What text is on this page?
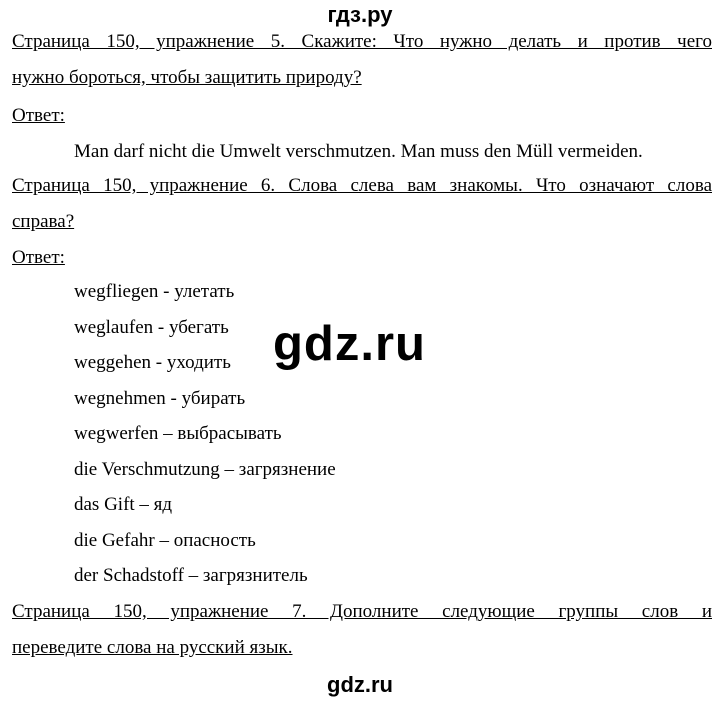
гдз.ру
Страница 150, упражнение 5. Скажите: Что нужно делать и против чего
нужно бороться, чтобы защитить природу?
Ответ:
Man darf nicht die Umwelt verschmutzen. Man muss den Müll vermeiden.
Страница 150, упражнение 6. Слова слева вам знакомы. Что означают слова
справа?
Ответ:
wegfliegen - улетать
weglaufen - убегать
weggehen - уходить
wegnehmen - убирать
wegwerfen – выбрасывать
die Verschmutzung – загрязнение
das Gift – яд
die Gefahr – опасность
der Schadstoff – загрязнитель
Страница 150, упражнение 7. Дополните следующие группы слов и
переведите слова на русский язык.
gdz.ru
gdz.ru
